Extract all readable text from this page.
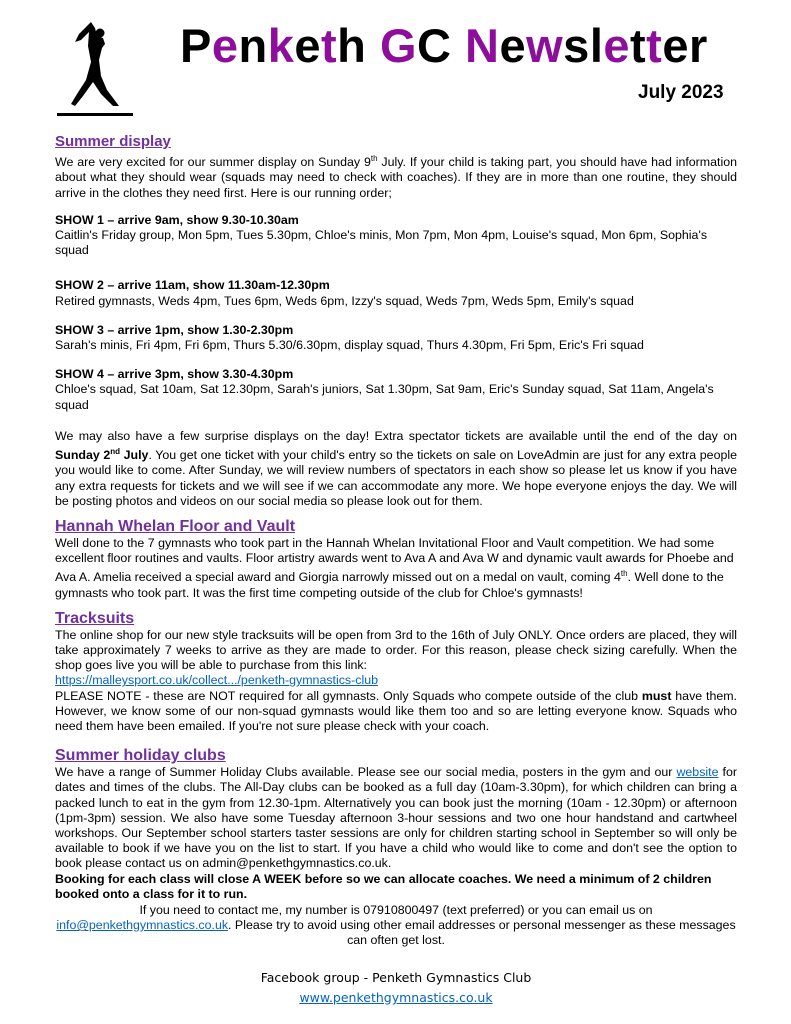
Penketh GC Newsletter
July 2023
Summer display

We are very excited for our summer display on Sunday 9th July. If your child is taking part, you should have had information about what they should wear (squads may need to check with coaches). If they are in more than one routine, they should arrive in the clothes they need first. Here is our running order;

SHOW 1 – arrive 9am, show 9.30-10.30am

Caitlin's Friday group, Mon 5pm, Tues 5.30pm, Chloe's minis, Mon 7pm, Mon 4pm, Louise's squad, Mon 6pm, Sophia's squad

SHOW 2 – arrive 11am, show 11.30am-12.30pm

Retired gymnasts, Weds 4pm, Tues 6pm, Weds 6pm, Izzy's squad, Weds 7pm, Weds 5pm, Emily's squad

SHOW 3 – arrive 1pm, show 1.30-2.30pm

Sarah's minis, Fri 4pm, Fri 6pm, Thurs 5.30/6.30pm, display squad, Thurs 4.30pm, Fri 5pm, Eric's Fri squad

SHOW 4 – arrive 3pm, show 3.30-4.30pm

Chloe's squad, Sat 10am, Sat 12.30pm, Sarah's juniors, Sat 1.30pm, Sat 9am, Eric's Sunday squad, Sat 11am, Angela's squad

We may also have a few surprise displays on the day! Extra spectator tickets are available until the end of the day on Sunday 2nd July. You get one ticket with your child's entry so the tickets on sale on LoveAdmin are just for any extra people you would like to come. After Sunday, we will review numbers of spectators in each show so please let us know if you have any extra requests for tickets and we will see if we can accommodate any more. We hope everyone enjoys the day. We will be posting photos and videos on our social media so please look out for them.

Hannah Whelan Floor and Vault

Well done to the 7 gymnasts who took part in the Hannah Whelan Invitational Floor and Vault competition. We had some excellent floor routines and vaults. Floor artistry awards went to Ava A and Ava W and dynamic vault awards for Phoebe and Ava A. Amelia received a special award and Giorgia narrowly missed out on a medal on vault, coming 4th. Well done to the gymnasts who took part. It was the first time competing outside of the club for Chloe's gymnasts!

Tracksuits

The online shop for our new style tracksuits will be open from 3rd to the 16th of July ONLY. Once orders are placed, they will take approximately 7 weeks to arrive as they are made to order. For this reason, please check sizing carefully. When the shop goes live you will be able to purchase from this link:

https://malleysport.co.uk/collect.../penketh-gymnastics-club

PLEASE NOTE - these are NOT required for all gymnasts. Only Squads who compete outside of the club must have them. However, we know some of our non-squad gymnasts would like them too and so are letting everyone know. Squads who need them have been emailed. If you're not sure please check with your coach.

Summer holiday clubs

We have a range of Summer Holiday Clubs available. Please see our social media, posters in the gym and our website for dates and times of the clubs. The All-Day clubs can be booked as a full day (10am-3.30pm), for which children can bring a packed lunch to eat in the gym from 12.30-1pm. Alternatively you can book just the morning (10am - 12.30pm) or afternoon (1pm-3pm) session. We also have some Tuesday afternoon 3-hour sessions and two one hour handstand and cartwheel workshops. Our September school starters taster sessions are only for children starting school in September so will only be available to book if we have you on the list to start. If you have a child who would like to come and don't see the option to book please contact us on admin@penkethgymnastics.co.uk.

Booking for each class will close A WEEK before so we can allocate coaches. We need a minimum of 2 children booked onto a class for it to run.

If you need to contact me, my number is 07910800497 (text preferred) or you can email us on

info@penkethgymnastics.co.uk. Please try to avoid using other email addresses or personal messenger as these messages can often get lost.

Facebook group - Penketh Gymnastics Club

www.penkethgymnastics.co.uk
